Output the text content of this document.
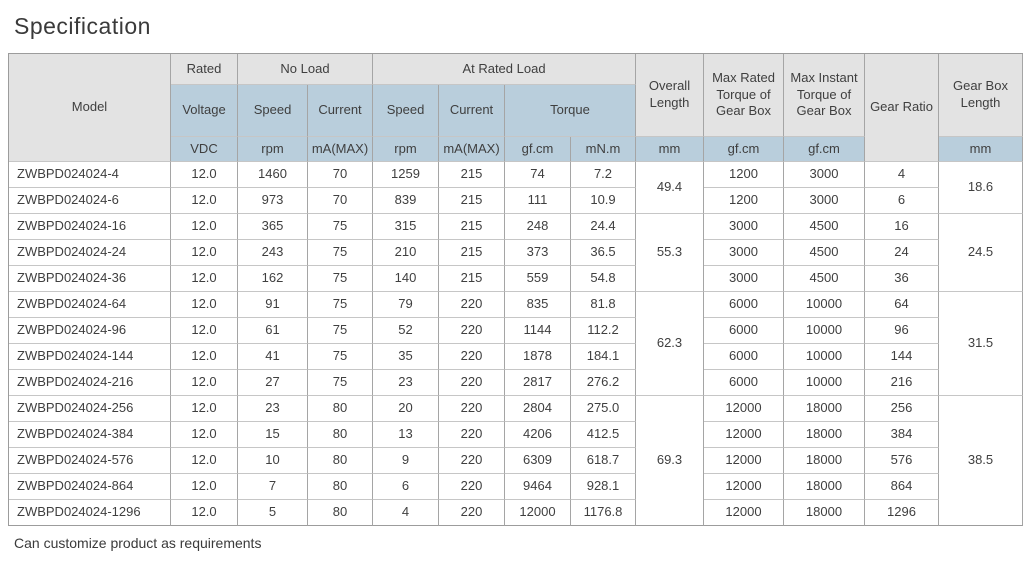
Specification
Model	Rated	No Load		At Rated Load				Overall Length	Max Rated Torque of Gear Box	Max Instant Torque of Gear Box	Gear Ratio	Gear Box Length
	Voltage	Speed	Current	Speed	Current	Torque						
	VDC	rpm	mA(MAX)	rpm	mA(MAX)	gf.cm	mN.m	mm	gf.cm	gf.cm		mm
ZWBPD024024-4	12.0	1460	70	1259	215	74	7.2	49.4	1200	3000	4	18.6
ZWBPD024024-6	12.0	973	70	839	215	111	10.9		1200	3000	6	
ZWBPD024024-16	12.0	365	75	315	215	248	24.4	55.3	3000	4500	16	24.5
ZWBPD024024-24	12.0	243	75	210	215	373	36.5		3000	4500	24	
ZWBPD024024-36	12.0	162	75	140	215	559	54.8		3000	4500	36	
ZWBPD024024-64	12.0	91	75	79	220	835	81.8	62.3	6000	10000	64	31.5
ZWBPD024024-96	12.0	61	75	52	220	1144	112.2		6000	10000	96	
ZWBPD024024-144	12.0	41	75	35	220	1878	184.1		6000	10000	144	
ZWBPD024024-216	12.0	27	75	23	220	2817	276.2		6000	10000	216	
ZWBPD024024-256	12.0	23	80	20	220	2804	275.0	69.3	12000	18000	256	38.5
ZWBPD024024-384	12.0	15	80	13	220	4206	412.5		12000	18000	384	
ZWBPD024024-576	12.0	10	80	9	220	6309	618.7		12000	18000	576	
ZWBPD024024-864	12.0	7	80	6	220	9464	928.1		12000	18000	864	
ZWBPD024024-1296	12.0	5	80	4	220	12000	1176.8		12000	18000	1296	

Can customize product as requirements
